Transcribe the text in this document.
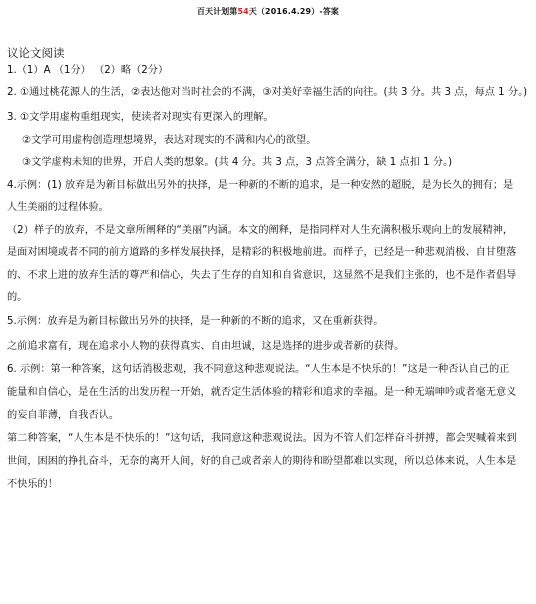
百天计划第54天（2016.4.29）-答案
议论文阅读
1.（1）A （1分） （2）略（2分）
2. ①通过桃花源人的生活，②表达他对当时社会的不满，③对美好幸福生活的向往。(共 3 分。共 3 点，每点 1 分。)
3. ①文学用虚构重组现实，使读者对现实有更深入的理解。
②文学可用虚构创造理想境界，表达对现实的不满和内心的欲望。
③文学虚构未知的世界，开启人类的想象。(共 4 分。共 3 点，3 点答全满分，缺 1 点扣 1 分。)
4.示例：(1) 放弃是为新目标做出另外的抉择，是一种新的不断的追求，是一种安然的超脱，是为长久的拥有；是
人生美丽的过程体验。
（2）样子的放弃，不是文章所阐释的“美丽”内涵。本文的阐释，是指同样对人生充满积极乐观向上的发展精神，
是面对困境或者不同的前方道路的多样发展抉择，是精彩的积极地前进。而样子，已经是一种悲观消极、自甘堕落
的、不求上进的放弃生活的尊严和信心，失去了生存的自知和自省意识，这显然不是我们主张的，也不是作者倡导
的。
5.示例：放弃是为新目标做出另外的抉择，是一种新的不断的追求，又在重新获得。
之前追求富有，现在追求小人物的获得真实、自由坦诚，这是选择的进步或者新的获得。
6. 示例：第一种答案，这句话消极悲观，我不同意这种悲观说法。“人生本是不快乐的！”这是一种否认自己的正
能量和自信心，是在生活的出发历程一开始，就否定生活体验的精彩和追求的幸福。是一种无端呻吟或者毫无意义
的妄自菲薄，自我否认。
第二种答案，“人生本是不快乐的！”这句话，我同意这种悲观说法。因为不管人们怎样奋斗拼搏，都会哭喊着来到
世间，困困的挣扎奋斗，无奈的离开人间，好的自己或者亲人的期待和盼望都难以实现，所以总体来说，人生本是
不快乐的！
